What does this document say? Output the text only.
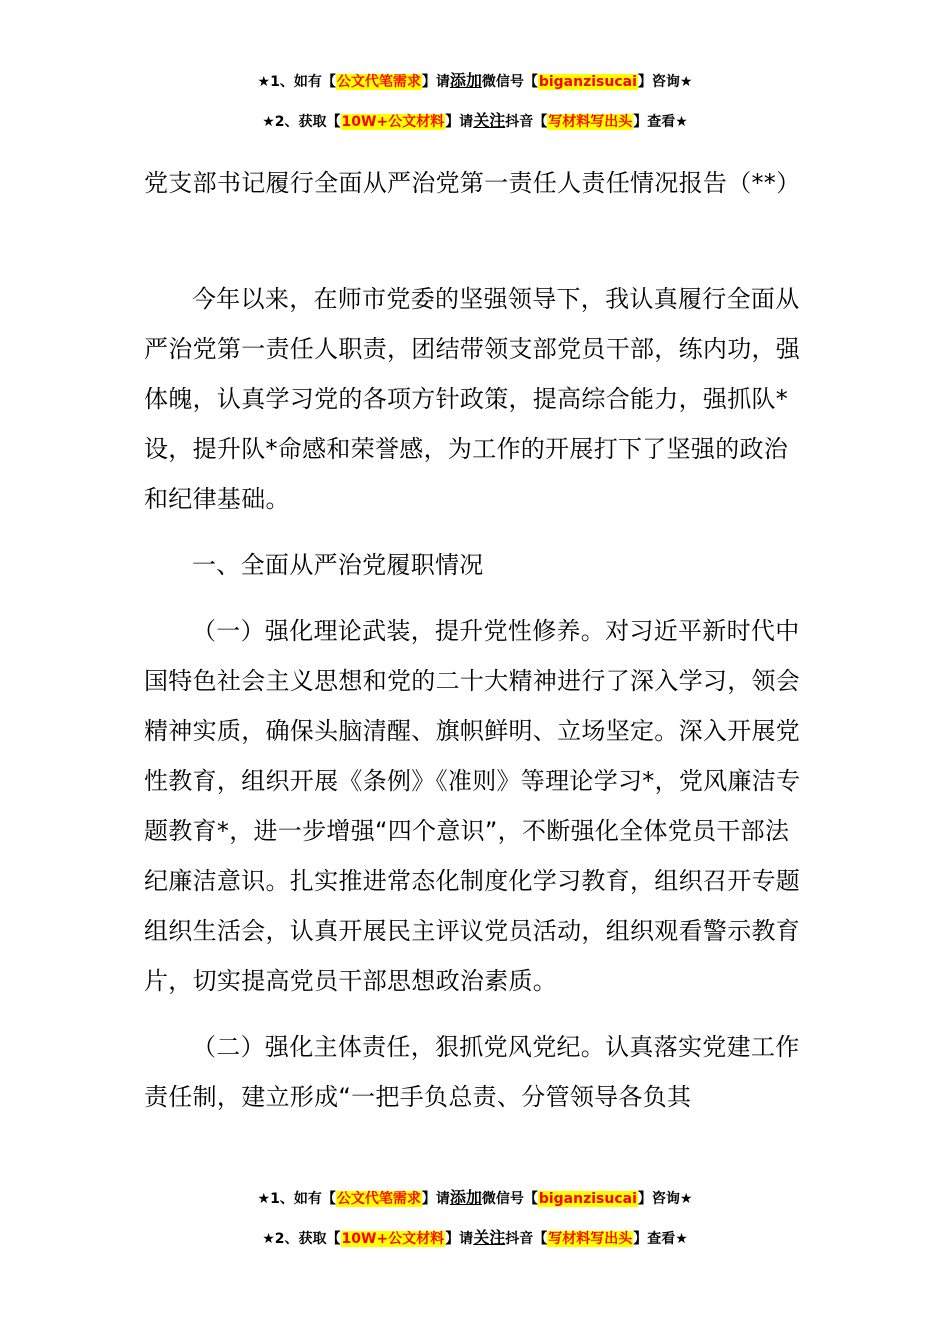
★1、如有【公文代笔需求】请添加微信号【biganzisucai】咨询★
★2、获取【10W+公文材料】请关注抖音【写材料写出头】查看★
党支部书记履行全面从严治党第一责任人责任情况报告（**）

今年以来，在师市党委的坚强领导下，我认真履行全面从严治党第一责任人职责，团结带领支部党员干部，练内功，强体魄，认真学习党的各项方针政策，提高综合能力，强抓队*设，提升队*命感和荣誉感，为工作的开展打下了坚强的政治和纪律基础。

一、全面从严治党履职情况

（一）强化理论武装，提升党性修养。对习近平新时代中国特色社会主义思想和党的二十大精神进行了深入学习，领会精神实质，确保头脑清醒、旗帜鲜明、立场坚定。深入开展党性教育，组织开展《条例》《准则》等理论学习*，党风廉洁专题教育*，进一步增强“四个意识”，不断强化全体党员干部法纪廉洁意识。扎实推进常态化制度化学习教育，组织召开专题组织生活会，认真开展民主评议党员活动，组织观看警示教育片，切实提高党员干部思想政治素质。

（二）强化主体责任，狠抓党风党纪。认真落实党建工作责任制，建立形成“一把手负总责、分管领导各负其

★1、如有【公文代笔需求】请添加微信号【biganzisucai】咨询★
★2、获取【10W+公文材料】请关注抖音【写材料写出头】查看★
